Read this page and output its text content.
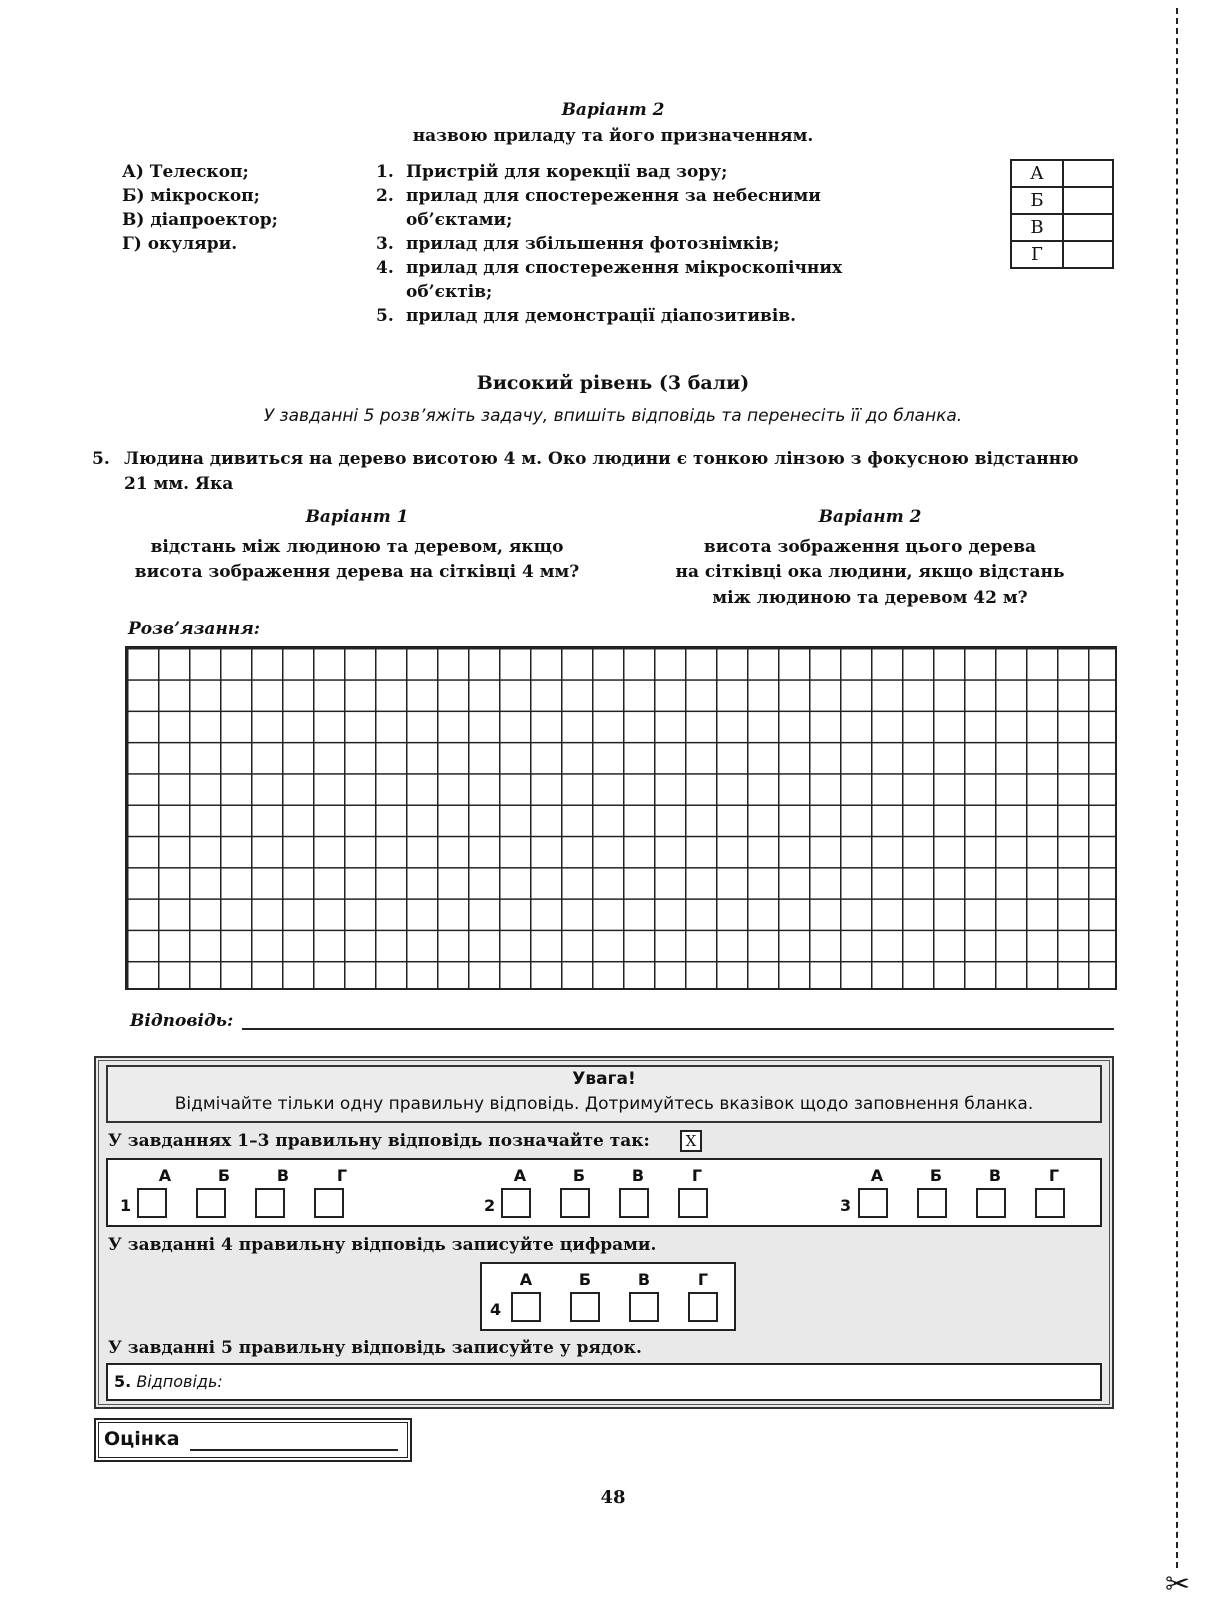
✂
Варіант 2
назвою приладу та його призначенням.
А) Телескоп;
Б) мікроскоп;
В) діапроектор;
Г) окуляри.
1. Пристрій для корекції вад зору;
2. прилад для спостереження за небесними
об’єктами;
3. прилад для збільшення фотознімків;
4. прилад для спостереження мікроскопічних
об’єктів;
5. прилад для демонстрації діапозитивів.
А	
Б	
В	
Г	
Високий рівень (3 бали)
У завданні 5 розв’яжіть задачу, впишіть відповідь та перенесіть її до бланка.
5. Людина дивиться на дерево висотою 4 м. Око людини є тонкою лінзою з фокусною відстанню
21 мм. Яка
Варіант 1
відстань між людиною та деревом, якщо
висота зображення дерева на сітківці 4 мм?
Варіант 2
висота зображення цього дерева
на сітківці ока людини, якщо відстань
між людиною та деревом 42 м?
Розв’язання:
Відповідь:
Увага!
Відмічайте тільки одну правильну відповідь. Дотримуйтесь вказівок щодо заповнення бланка.
У завданнях 1–3 правильну відповідь позначайте так:	X
А	Б	В	Г
1
А	Б	В	Г
2
А	Б	В	Г
3
У завданні 4 правильну відповідь записуйте цифрами.
А	Б	В	Г
4
У завданні 5 правильну відповідь записуйте у рядок.
5. Відповідь:
Оцінка
48
